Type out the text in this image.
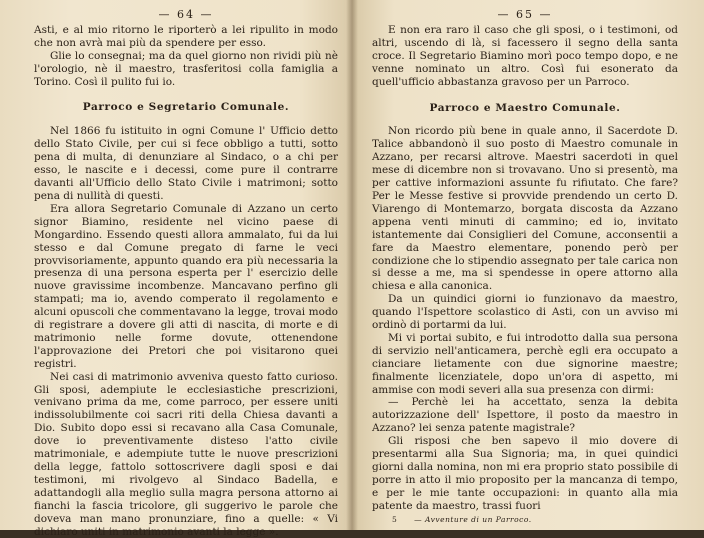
— 64 —

Asti, e al mio ritorno le riporterò a lei ripulito in modo che non avrà mai più da spendere per esso.

Glie lo consegnai; ma da quel giorno non rividi più nè l'orologio, nè il maestro, trasferitosi colla famiglia a Torino. Così il pulito fui io.

Parroco e Segretario Comunale.

Nel 1866 fu istituito in ogni Comune l' Ufficio detto dello Stato Civile, per cui si fece obbligo a tutti, sotto pena di multa, di denunziare al Sindaco, o a chi per esso, le nascite e i decessi, come pure il contrarre davanti all'Ufficio dello Stato Civile i matrimoni; sotto pena di nullità di questi.

Era allora Segretario Comunale di Azzano un certo signor Biamino, residente nel vicino paese di Mongardino. Essendo questi allora ammalato, fui da lui stesso e dal Comune pregato di farne le veci provvisoriamente, appunto quando era più necessaria la presenza di una persona esperta per l' esercizio delle nuove gravissime incombenze. Mancavano perfino gli stampati; ma io, avendo comperato il regolamento e alcuni opuscoli che commentavano la legge, trovai modo di registrare a dovere gli atti di nascita, di morte e di matrimonio nelle forme dovute, ottenendone l'approvazione dei Pretori che poi visitarono quei registri.

Nei casi di matrimonio avveniva questo fatto curioso. Gli sposi, adempiute le ecclesiastiche prescrizioni, venivano prima da me, come parroco, per essere uniti indissolubilmente coi sacri riti della Chiesa davanti a Dio. Subito dopo essi si recavano alla Casa Comunale, dove io preventivamente disteso l'atto civile matrimoniale, e adempiute tutte le nuove prescrizioni della legge, fattolo sottoscrivere dagli sposi e dai testimoni, mi rivolgevo al Sindaco Badella, e adattandogli alla meglio sulla magra persona attorno ai fianchi la fascia tricolore, gli suggerivo le parole che doveva man mano pronunziare, fino a quelle: « Vi dichiaro uniti in matrimonio avanti la legge ».

— 65 —

E non era raro il caso che gli sposi, o i testimoni, od altri, uscendo di là, si facessero il segno della santa croce. Il Segretario Biamino morì poco tempo dopo, e ne venne nominato un altro. Così fui esonerato da quell'ufficio abbastanza gravoso per un Parroco.

Parroco e Maestro Comunale.

Non ricordo più bene in quale anno, il Sacerdote D. Talice abbandonò il suo posto di Maestro comunale in Azzano, per recarsi altrove. Maestri sacerdoti in quel mese di dicembre non si trovavano. Uno si presentò, ma per cattive informazioni assunte fu rifiutato. Che fare? Per le Messe festive si provvide prendendo un certo D. Viarengo di Montemarzo, borgata discosta da Azzano appena venti minuti di cammino; ed io, invitato istantemente dai Consiglieri del Comune, acconsentii a fare da Maestro elementare, ponendo però per condizione che lo stipendio assegnato per tale carica non si desse a me, ma si spendesse in opere attorno alla chiesa e alla canonica.

Da un quindici giorni io funzionavo da maestro, quando l'Ispettore scolastico di Asti, con un avviso mi ordinò di portarmi da lui.

Mi vi portai subito, e fui introdotto dalla sua persona di servizio nell'anticamera, perchè egli era occupato a cianciare lietamente con due signorine maestre; finalmente licenziatele, dopo un'ora di aspetto, mi ammise con modi severi alla sua presenza con dirmi:

— Perchè lei ha accettato, senza la debita autorizzazione dell' Ispettore, il posto da maestro in Azzano? lei senza patente magistrale?

Gli risposi che ben sapevo il mio dovere di presentarmi alla Sua Signoria; ma, in quei quindici giorni dalla nomina, non mi era proprio stato possibile di porre in atto il mio proposito per la mancanza di tempo, e per le mie tante occupazioni: in quanto alla mia patente da maestro, trassi fuori

5 — Avventure di un Parroco.
